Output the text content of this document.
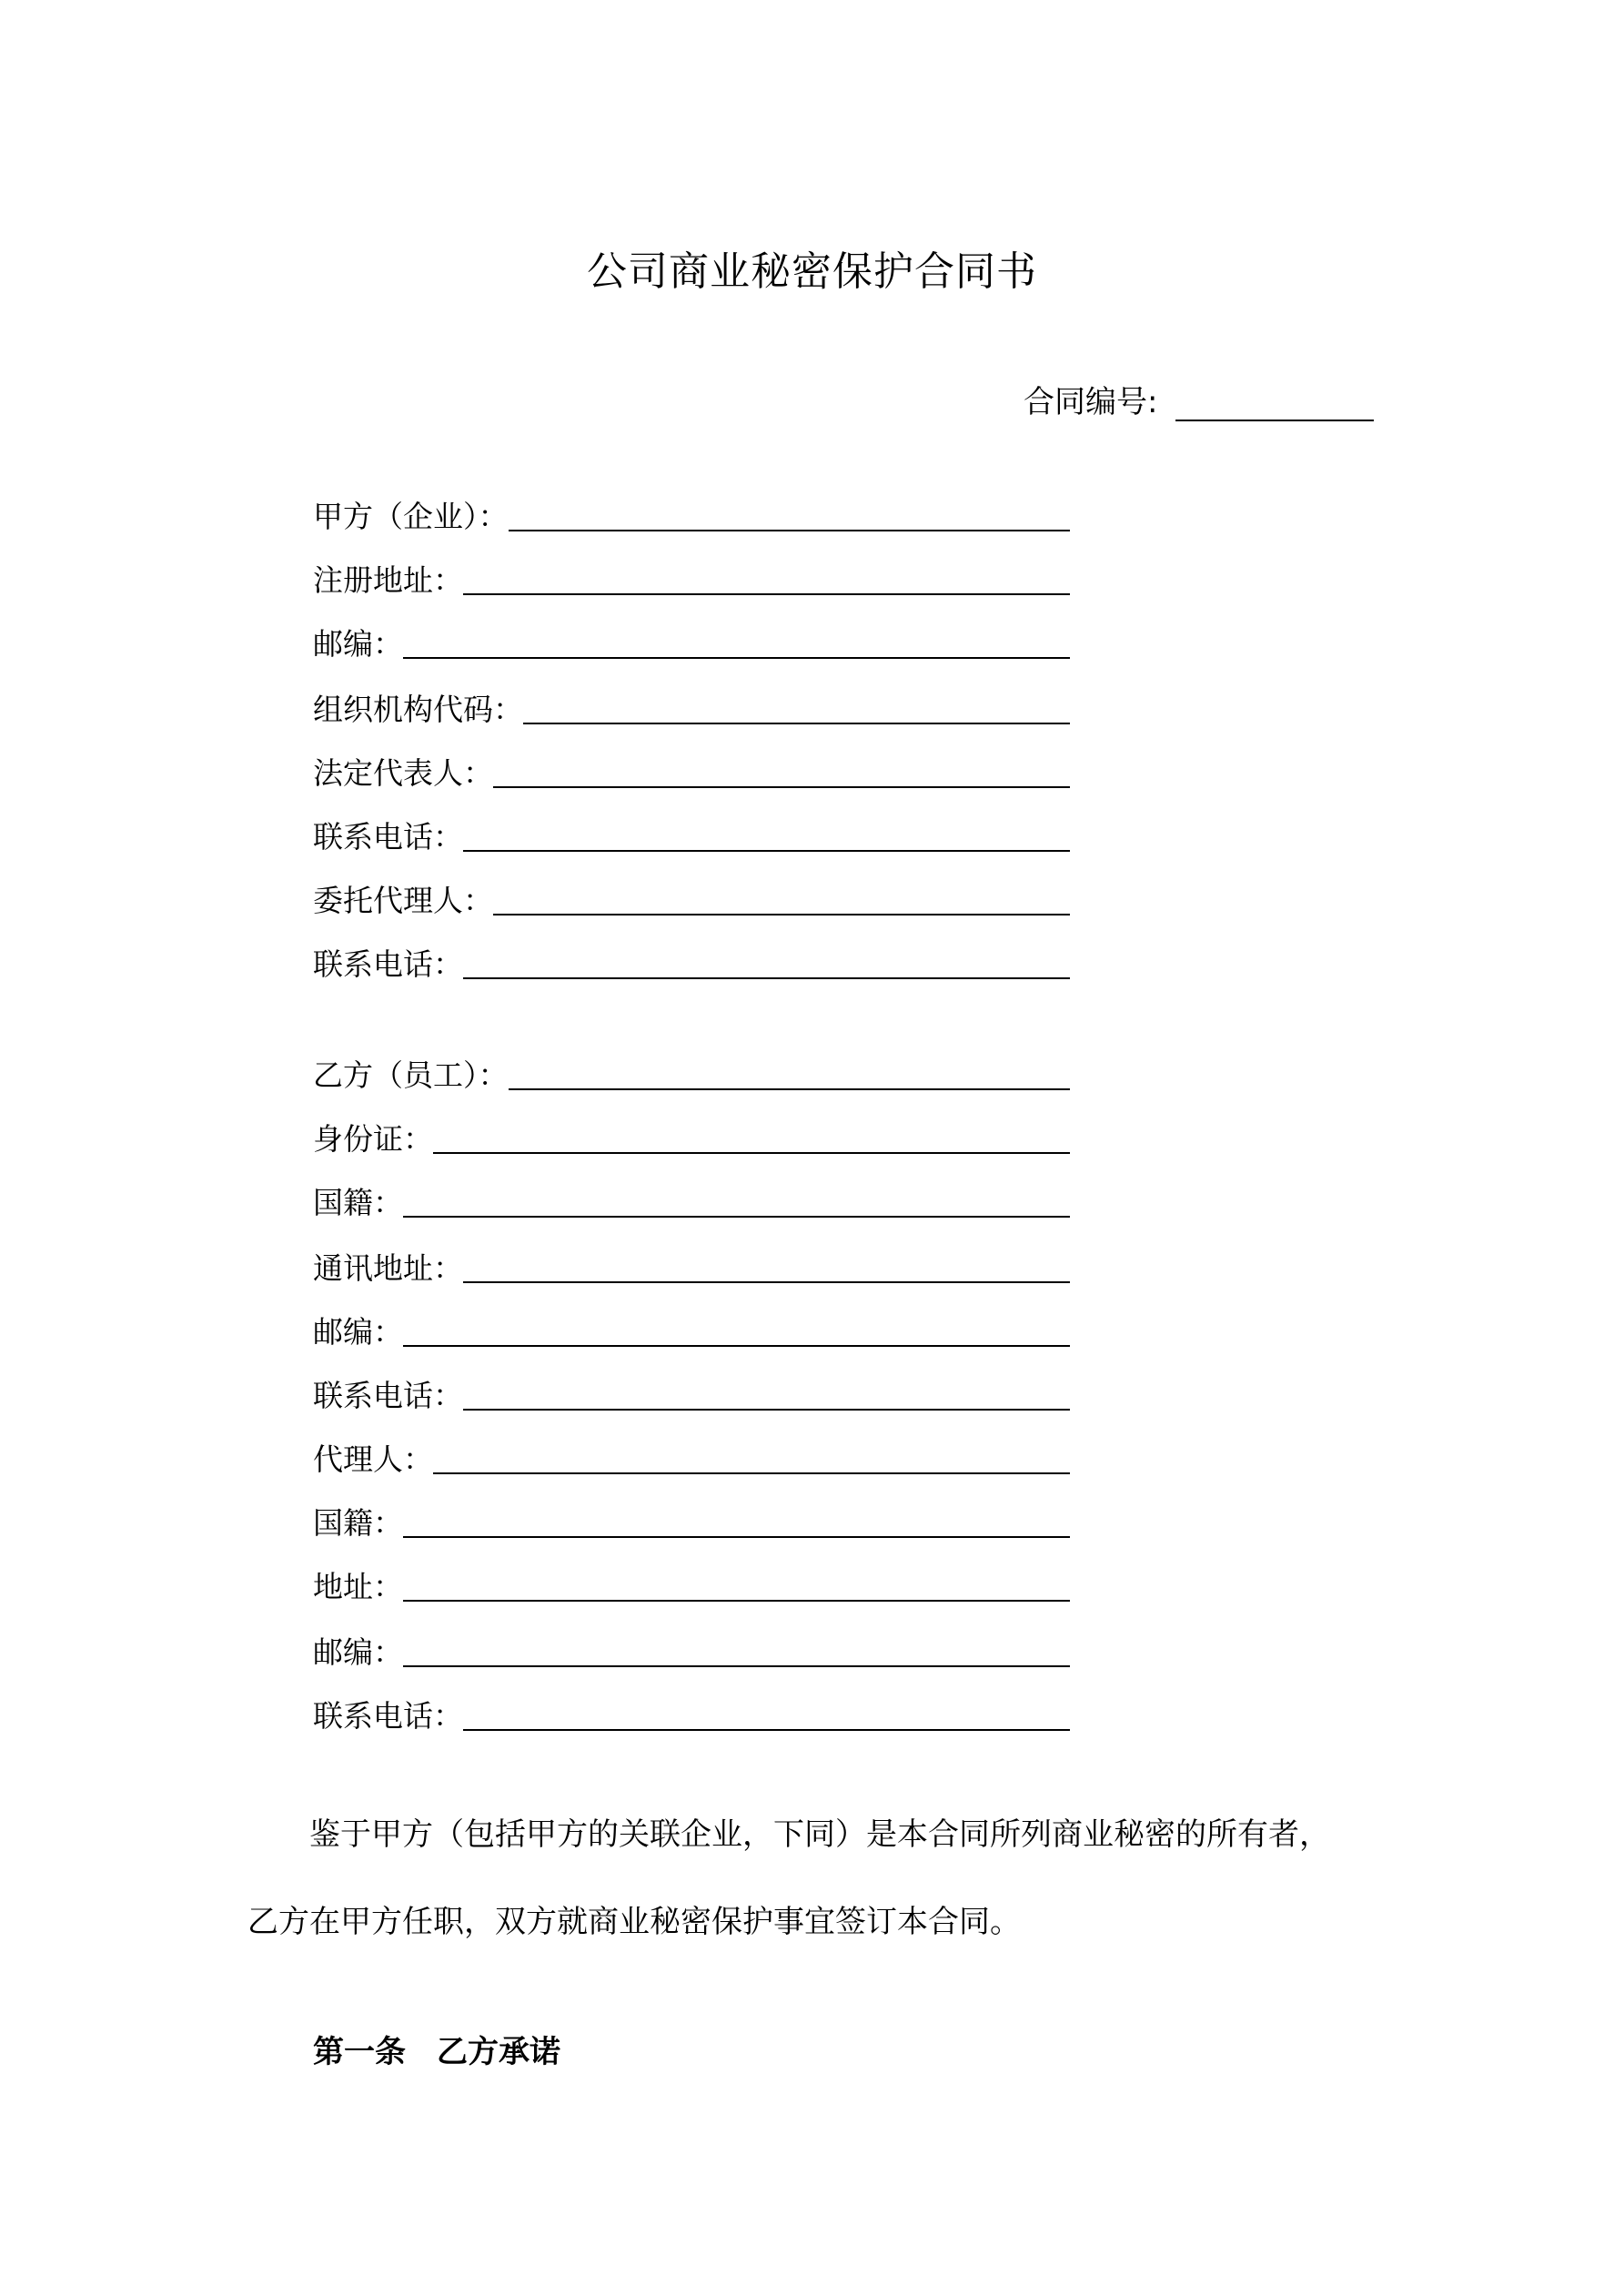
公司商业秘密保护合同书
合同编号:
甲方（企业）：
注册地址：
邮编：
组织机构代码：
法定代表人：
联系电话：
委托代理人：
联系电话：
乙方（员工）：
身份证：
国籍：
通讯地址：
邮编：
联系电话：
代理人：
国籍：
地址：
邮编：
联系电话：
　　鉴于甲方（包括甲方的关联企业，下同）是本合同所列商业秘密的所有者，
乙方在甲方任职，双方就商业秘密保护事宜签订本合同。
第一条　乙方承诺
